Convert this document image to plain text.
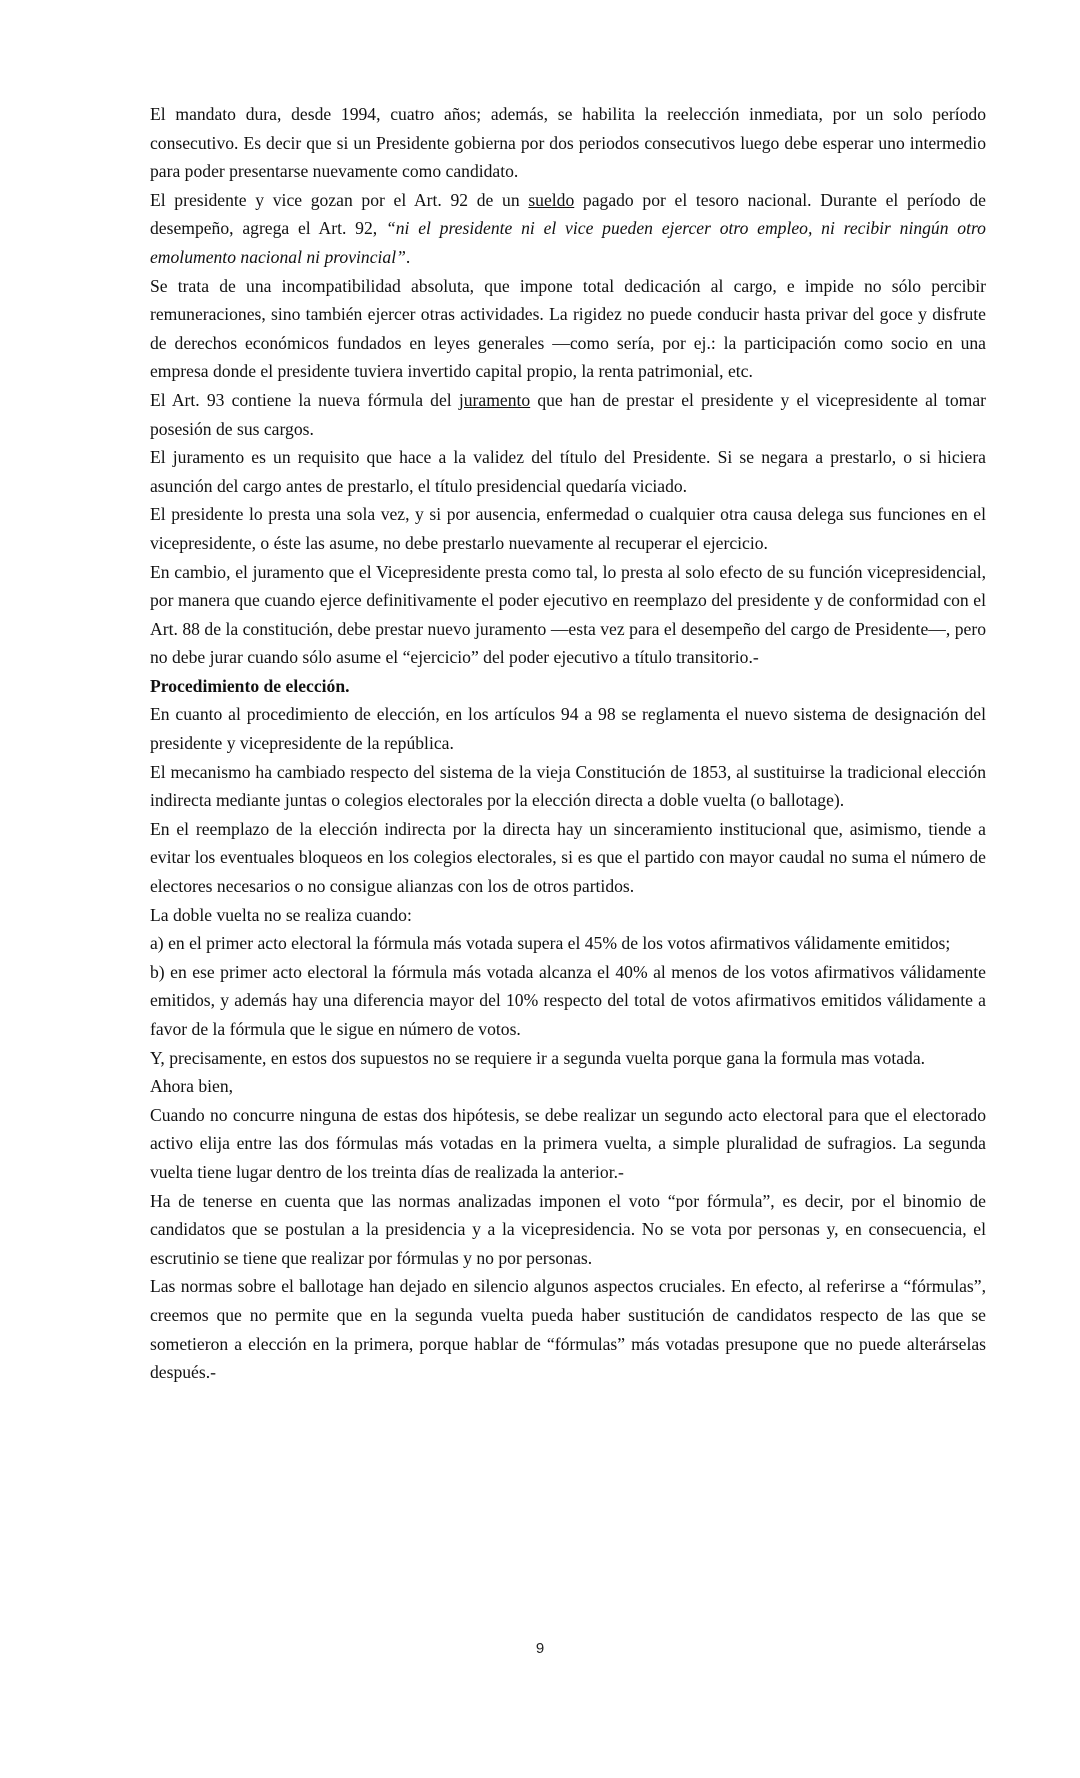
El mandato dura, desde 1994, cuatro años; además, se habilita la reelección inmediata, por un solo período consecutivo. Es decir que si un Presidente gobierna por dos periodos consecutivos luego debe esperar uno intermedio para poder presentarse nuevamente como candidato.

El presidente y vice gozan por el Art. 92 de un sueldo pagado por el tesoro nacional. Durante el período de desempeño, agrega el Art. 92, “ni el presidente ni el vice pueden ejercer otro empleo, ni recibir ningún otro emolumento nacional ni provincial”.

Se trata de una incompatibilidad absoluta, que impone total dedicación al cargo, e impide no sólo percibir remuneraciones, sino también ejercer otras actividades. La rigidez no puede conducir hasta privar del goce y disfrute de derechos económicos fundados en leyes generales —como sería, por ej.: la participación como socio en una empresa donde el presidente tuviera invertido capital propio, la renta patrimonial, etc.

El Art. 93 contiene la nueva fórmula del juramento que han de prestar el presidente y el vicepresidente al tomar posesión de sus cargos.

El juramento es un requisito que hace a la validez del título del Presidente. Si se negara a prestarlo, o si hiciera asunción del cargo antes de prestarlo, el título presidencial quedaría viciado.

El presidente lo presta una sola vez, y si por ausencia, enfermedad o cualquier otra causa delega sus funciones en el vicepresidente, o éste las asume, no debe prestarlo nuevamente al recuperar el ejercicio.

En cambio, el juramento que el Vicepresidente presta como tal, lo presta al solo efecto de su función vicepresidencial, por manera que cuando ejerce definitivamente el poder ejecutivo en reemplazo del presidente y de conformidad con el Art. 88 de la constitución, debe prestar nuevo juramento —esta vez para el desempeño del cargo de Presidente—, pero no debe jurar cuando sólo asume el “ejercicio” del poder ejecutivo a título transitorio.-

Procedimiento de elección.

En cuanto al procedimiento de elección, en los artículos 94 a 98 se reglamenta el nuevo sistema de designación del presidente y vicepresidente de la república.

El mecanismo ha cambiado respecto del sistema de la vieja Constitución de 1853, al sustituirse la tradicional elección indirecta mediante juntas o colegios electorales por la elección directa a doble vuelta (o ballotage).

En el reemplazo de la elección indirecta por la directa hay un sinceramiento institucional que, asimismo, tiende a evitar los eventuales bloqueos en los colegios electorales, si es que el partido con mayor caudal no suma el número de electores necesarios o no consigue alianzas con los de otros partidos.

La doble vuelta no se realiza cuando:

a) en el primer acto electoral la fórmula más votada supera el 45% de los votos afirmativos válidamente emitidos;

b) en ese primer acto electoral la fórmula más votada alcanza el 40% al menos de los votos afirmativos válidamente emitidos, y además hay una diferencia mayor del 10% respecto del total de votos afirmativos emitidos válidamente a favor de la fórmula que le sigue en número de votos.

Y, precisamente, en estos dos supuestos no se requiere ir a segunda vuelta porque gana la formula mas votada.

Ahora bien,

Cuando no concurre ninguna de estas dos hipótesis, se debe realizar un segundo acto electoral para que el electorado activo elija entre las dos fórmulas más votadas en la primera vuelta, a simple pluralidad de sufragios. La segunda vuelta tiene lugar dentro de los treinta días de realizada la anterior.-

Ha de tenerse en cuenta que las normas analizadas imponen el voto “por fórmula”, es decir, por el binomio de candidatos que se postulan a la presidencia y a la vicepresidencia. No se vota por personas y, en consecuencia, el escrutinio se tiene que realizar por fórmulas y no por personas.

Las normas sobre el ballotage han dejado en silencio algunos aspectos cruciales. En efecto, al referirse a “fórmulas”, creemos que no permite que en la segunda vuelta pueda haber sustitución de candidatos respecto de las que se sometieron a elección en la primera, porque hablar de “fórmulas” más votadas presupone que no puede alterárselas después.-

9
